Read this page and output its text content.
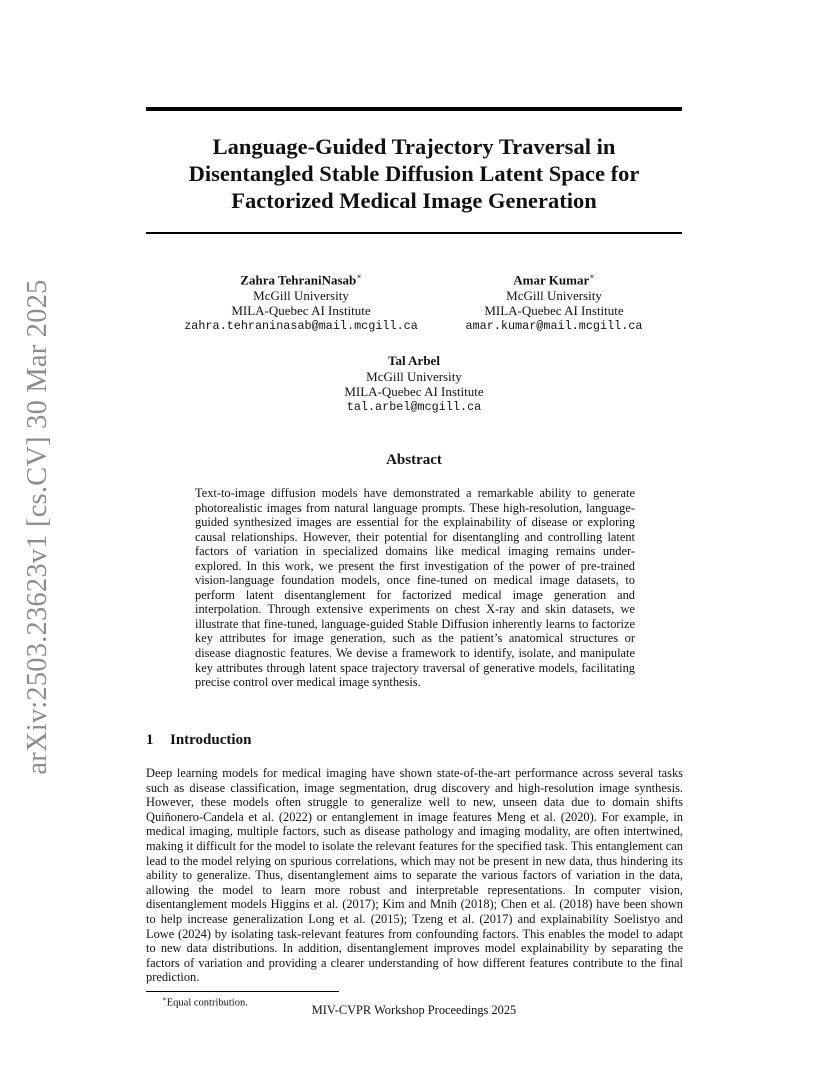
arXiv:2503.23623v1 [cs.CV] 30 Mar 2025
Language-Guided Trajectory Traversal in
Disentangled Stable Diffusion Latent Space for
Factorized Medical Image Generation
Zahra TehraniNasab∗
McGill University
MILA-Quebec AI Institute
zahra.tehraninasab@mail.mcgill.ca
Amar Kumar∗
McGill University
MILA-Quebec AI Institute
amar.kumar@mail.mcgill.ca
Tal Arbel
McGill University
MILA-Quebec AI Institute
tal.arbel@mcgill.ca
Abstract

Text-to-image diffusion models have demonstrated a remarkable ability to generate photorealistic images from natural language prompts. These high-resolution, language-guided synthesized images are essential for the explainability of disease or exploring causal relationships. However, their potential for disentangling and controlling latent factors of variation in specialized domains like medical imaging remains under-explored. In this work, we present the first investigation of the power of pre-trained vision-language foundation models, once fine-tuned on medical image datasets, to perform latent disentanglement for factorized medical image generation and interpolation. Through extensive experiments on chest X-ray and skin datasets, we illustrate that fine-tuned, language-guided Stable Diffusion inherently learns to factorize key attributes for image generation, such as the patient’s anatomical structures or disease diagnostic features. We devise a framework to identify, isolate, and manipulate key attributes through latent space trajectory traversal of generative models, facilitating precise control over medical image synthesis.

1 Introduction

Deep learning models for medical imaging have shown state-of-the-art performance across several tasks such as disease classification, image segmentation, drug discovery and high-resolution image synthesis. However, these models often struggle to generalize well to new, unseen data due to domain shifts Quiñonero-Candela et al. (2022) or entanglement in image features Meng et al. (2020). For example, in medical imaging, multiple factors, such as disease pathology and imaging modality, are often intertwined, making it difficult for the model to isolate the relevant features for the specified task. This entanglement can lead to the model relying on spurious correlations, which may not be present in new data, thus hindering its ability to generalize. Thus, disentanglement aims to separate the various factors of variation in the data, allowing the model to learn more robust and interpretable representations. In computer vision, disentanglement models Higgins et al. (2017); Kim and Mnih (2018); Chen et al. (2018) have been shown to help increase generalization Long et al. (2015); Tzeng et al. (2017) and explainability Soelistyo and Lowe (2024) by isolating task-relevant features from confounding factors. This enables the model to adapt to new data distributions. In addition, disentanglement improves model explainability by separating the factors of variation and providing a clearer understanding of how different features contribute to the final prediction.

∗Equal contribution.	MIV-CVPR Workshop Proceedings 2025
